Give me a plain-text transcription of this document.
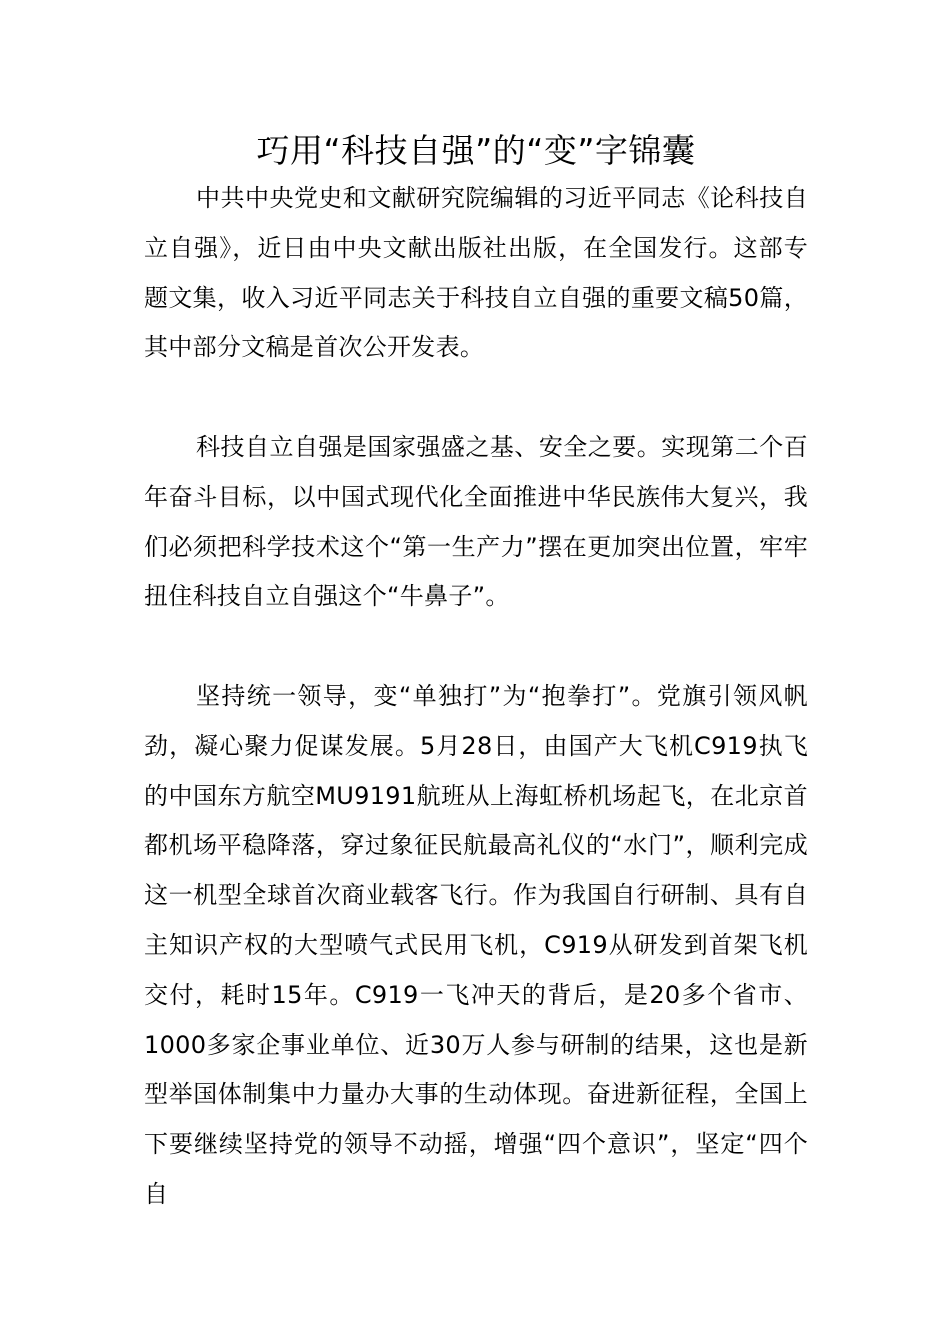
巧用“科技自强”的“变”字锦囊

中共中央党史和文献研究院编辑的习近平同志《论科技自立自强》，近日由中央文献出版社出版，在全国发行。这部专题文集，收入习近平同志关于科技自立自强的重要文稿50篇，其中部分文稿是首次公开发表。

科技自立自强是国家强盛之基、安全之要。实现第二个百年奋斗目标，以中国式现代化全面推进中华民族伟大复兴，我们必须把科学技术这个“第一生产力”摆在更加突出位置，牢牢扭住科技自立自强这个“牛鼻子”。

坚持统一领导，变“单独打”为“抱拳打”。党旗引领风帆劲，凝心聚力促谋发展。5月28日，由国产大飞机C919执飞的中国东方航空MU9191航班从上海虹桥机场起飞，在北京首都机场平稳降落，穿过象征民航最高礼仪的“水门”，顺利完成这一机型全球首次商业载客飞行。作为我国自行研制、具有自主知识产权的大型喷气式民用飞机，C919从研发到首架飞机交付，耗时15年。C919一飞冲天的背后，是20多个省市、1000多家企事业单位、近30万人参与研制的结果，这也是新型举国体制集中力量办大事的生动体现。奋进新征程，全国上下要继续坚持党的领导不动摇，增强“四个意识”，坚定“四个自
